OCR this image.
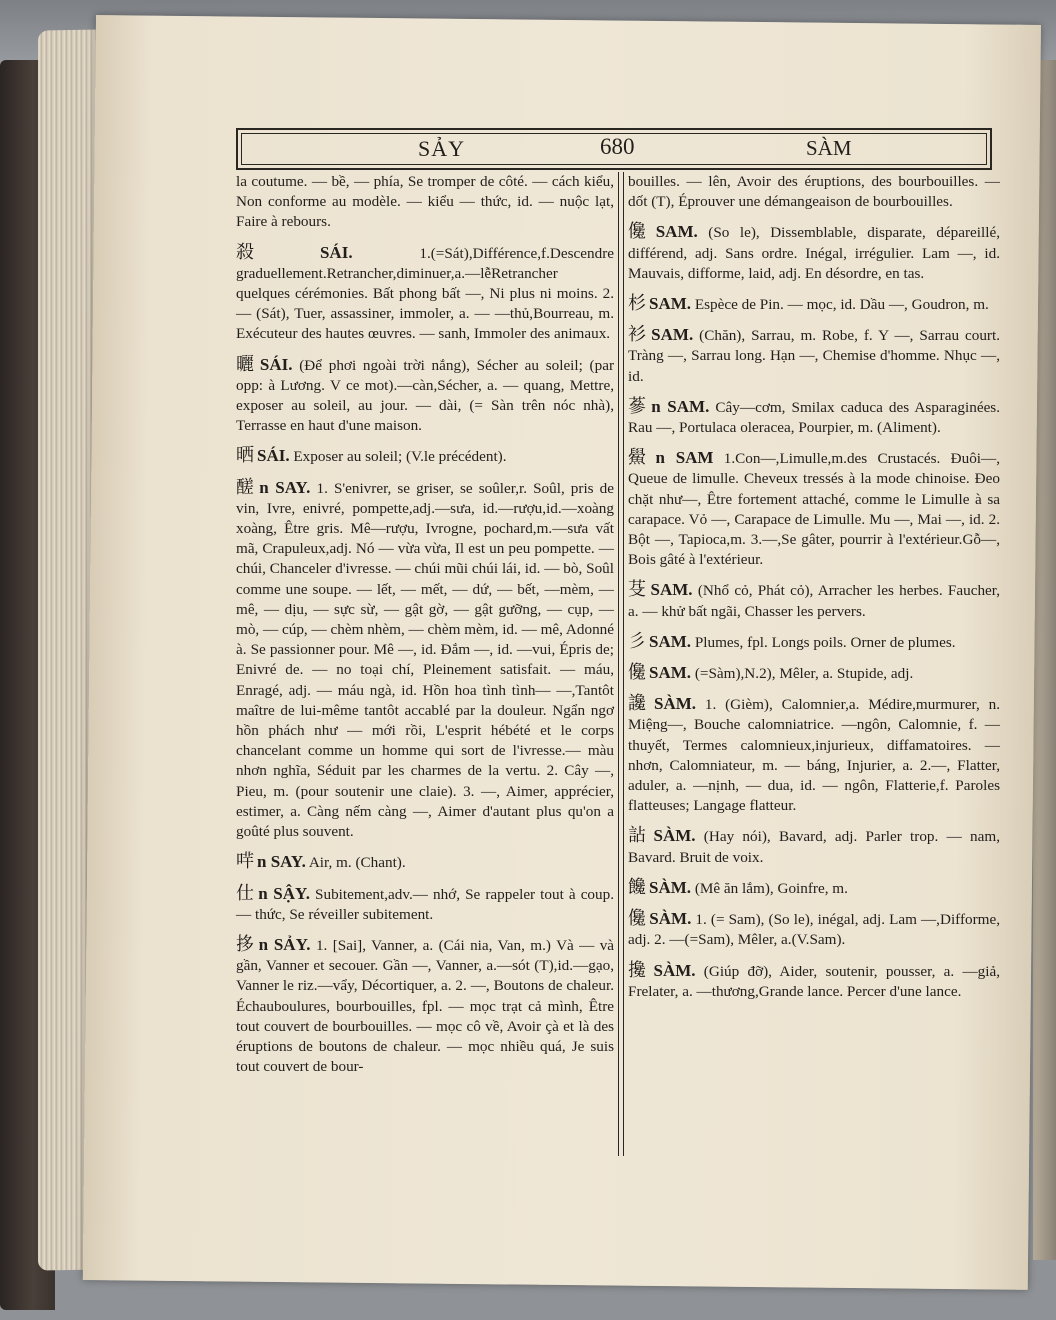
SẢY	680	SÀM

la coutume. — bề, — phía, Se tromper de côté. — cách kiểu, Non conforme au modèle. — kiểu — thức, id. — nuộc lạt, Faire à rebours.

殺 SÁI.	1.(=Sát),Différence,f.Descendre graduellement.Retrancher,diminuer,a.—lễRetrancher quelques cérémonies. Bất phong bất —, Ni plus ni moins. 2. — (Sát), Tuer, assassiner, immoler, a. — —thủ,Bourreau, m. Exécuteur des hautes œuvres. — sanh, Immoler des animaux.

曬 SÁI. (Để phơi ngoài trời nắng), Sécher au soleil; (par opp: à Lương. V ce mot).—càn,Sécher, a. — quang, Mettre, exposer au soleil, au jour. — dài, (= Sàn trên nóc nhà), Terrasse en haut d'une maison.

晒 SÁI. Exposer au soleil; (V.le précédent).

醝 n SAY. 1. S'enivrer, se griser, se soûler,r. Soûl, pris de vin, Ivre, enivré, pompette,adj.—sưa, id.—rượu,id.—xoàng xoàng, Être gris. Mê—rượu, Ivrogne, pochard,m.—sưa vất mã, Crapuleux,adj. Nó — vừa vừa, Il est un peu pompette. — chúi, Chanceler d'ivresse. — chúi mũi chúi lái, id. — bò, Soûl comme une soupe. — lết, — mết, — dứ, — bết, —mèm, —mê, — dịu, — sực sừ, — gật gờ, — gật gưỡng, — cụp, — mò, — cúp, — chèm nhèm, — chèm mèm, id. — mê, Adonné à. Se passionner pour. Mê —, id. Đắm —, id. —vui, Épris de; Enivré de. — no toại chí, Pleinement satisfait. — máu, Enragé, adj. — máu ngà, id. Hồn hoa tình tình— —,Tantôt maître de lui-même tantôt accablé par la douleur. Ngẩn ngơ hồn phách như — mới rồi, L'esprit hébété et le corps chancelant comme un homme qui sort de l'ivresse.— màu nhơn nghĩa, Séduit par les charmes de la vertu. 2. Cây —, Pieu, m. (pour soutenir une claie). 3. —, Aimer, apprécier, estimer, a. Càng nếm càng —, Aimer d'autant plus qu'on a goûté plus souvent.

哶 n SAY. Air, m. (Chant).

仕 n SẬY. Subitement,adv.— nhớ, Se rappeler tout à coup. — thức, Se réveiller subitement.

拸 n SẢY. 1. [Sai], Vanner, a. (Cái nia, Van, m.) Và — và gần, Vanner et secouer. Gần —, Vanner, a.—sót (T),id.—gạo, Vanner le riz.—vẩy, Décortiquer, a. 2. —, Boutons de chaleur. Échauboulures, bourbouilles, fpl. — mọc trạt cả mình, Être tout couvert de bourbouilles. — mọc cô về, Avoir çà et là des éruptions de boutons de chaleur. — mọc nhiều quá, Je suis tout couvert de bour-

bouilles. — lên, Avoir des éruptions, des bourbouilles. — dốt (T), Éprouver une démangeaison de bourbouilles.

儳 SAM. (So le), Dissemblable, disparate, dépareillé, différend, adj. Sans ordre. Inégal, irrégulier. Lam —, id. Mauvais, difforme, laid, adj. En désordre, en tas.

杉 SAM. Espèce de Pin. — mọc, id. Dầu —, Goudron, m.

衫 SAM. (Chăn), Sarrau, m. Robe, f. Y —, Sarrau court. Tràng —, Sarrau long. Hạn —, Chemise d'homme. Nhục —, id.

蔘 n SAM. Cây—cơm, Smilax caduca des Asparaginées. Rau —, Portulaca oleracea, Pourpier, m. (Aliment).

鱟 n SAM 1.Con—,Limulle,m.des Crustacés. Đuôi—, Queue de limulle. Cheveux tressés à la mode chinoise. Đeo chặt như—, Être fortement attaché, comme le Limulle à sa carapace. Vỏ —, Carapace de Limulle. Mu —, Mai —, id. 2. Bột —, Tapioca,m. 3.—,Se gâter, pourrir à l'extérieur.Gỗ—, Bois gâté à l'extérieur.

芟 SAM. (Nhổ cỏ, Phát cỏ), Arracher les herbes. Faucher, a. — khử bất ngãi, Chasser les pervers.

彡 SAM. Plumes, fpl. Longs poils. Orner de plumes.

儳 SAM. (=Sàm),N.2), Mêler, a. Stupide, adj.

讒 SÀM. 1. (Gièm), Calomnier,a. Médire,murmurer, n. Miệng—, Bouche calomniatrice. —ngôn, Calomnie, f. — thuyết, Termes calomnieux,injurieux, diffamatoires. — nhơn, Calomniateur, m. — báng, Injurier, a. 2.—, Flatter, aduler, a. —nịnh, — dua, id. — ngôn, Flatterie,f. Paroles flatteuses; Langage flatteur.

詀 SÀM. (Hay nói), Bavard, adj. Parler trop. — nam, Bavard. Bruit de voix.

饞 SÀM. (Mê ăn lắm), Goinfre, m.

儳 SÀM. 1. (= Sam), (So le), inégal, adj. Lam —,Difforme, adj. 2. —(=Sam), Mêler, a.(V.Sam).

攙 SÀM. (Giúp đỡ), Aider, soutenir, pousser, a. —giả, Frelater, a. —thương,Grande lance. Percer d'une lance.
